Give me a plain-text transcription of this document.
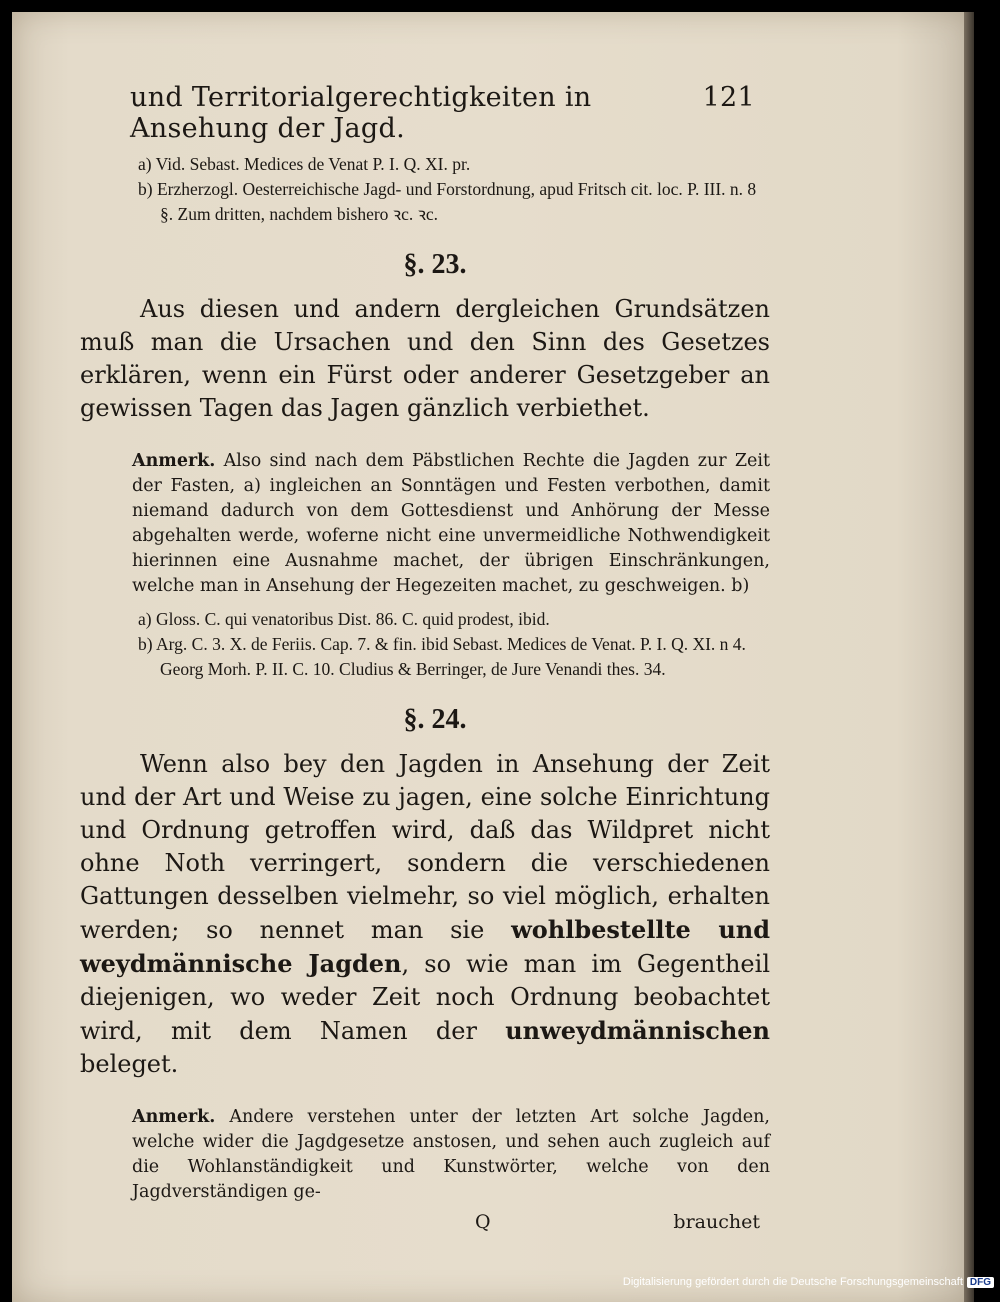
und Territorialgerechtigkeiten in Ansehung der Jagd.
121
a) Vid. Sebast. Medices de Venat P. I. Q. XI. pr.
b) Erzherzogl. Oesterreichische Jagd- und Forstordnung, apud Fritsch cit. loc. P. III. n. 8 §. Zum dritten, nachdem bishero ꝛc. ꝛc.
§. 23.

Aus diesen und andern dergleichen Grundsätzen muß man die Ursachen und den Sinn des Gesetzes erklären, wenn ein Fürst oder anderer Gesetzgeber an gewissen Tagen das Jagen gänzlich verbiethet.

Anmerk. Also sind nach dem Päbstlichen Rechte die Jagden zur Zeit der Fasten, a) ingleichen an Sonntägen und Festen verbothen, damit niemand dadurch von dem Gottesdienst und Anhörung der Messe abgehalten werde, woferne nicht eine unvermeidliche Nothwendigkeit hierinnen eine Ausnahme machet, der übrigen Einschränkungen, welche man in Ansehung der Hegezeiten machet, zu geschweigen. b)
a) Gloss. C. qui venatoribus Dist. 86. C. quid prodest, ibid.
b) Arg. C. 3. X. de Feriis. Cap. 7. & fin. ibid Sebast. Medices de Venat. P. I. Q. XI. n 4. Georg Morh. P. II. C. 10. Cludius & Berringer, de Jure Venandi thes. 34.
§. 24.

Wenn also bey den Jagden in Ansehung der Zeit und der Art und Weise zu jagen, eine solche Einrichtung und Ordnung getroffen wird, daß das Wildpret nicht ohne Noth verringert, sondern die verschiedenen Gattungen desselben vielmehr, so viel möglich, erhalten werden; so nennet man sie wohlbestellte und weydmännische Jagden, so wie man im Gegentheil diejenigen, wo weder Zeit noch Ordnung beobachtet wird, mit dem Namen der unweydmännischen beleget.

Anmerk. Andere verstehen unter der letzten Art solche Jagden, welche wider die Jagdgesetze anstosen, und sehen auch zugleich auf die Wohlanständigkeit und Kunstwörter, welche von den Jagdverständigen ge-
Q	brauchet
Digitalisierung gefördert durch die Deutsche Forschungsgemeinschaft DFG
